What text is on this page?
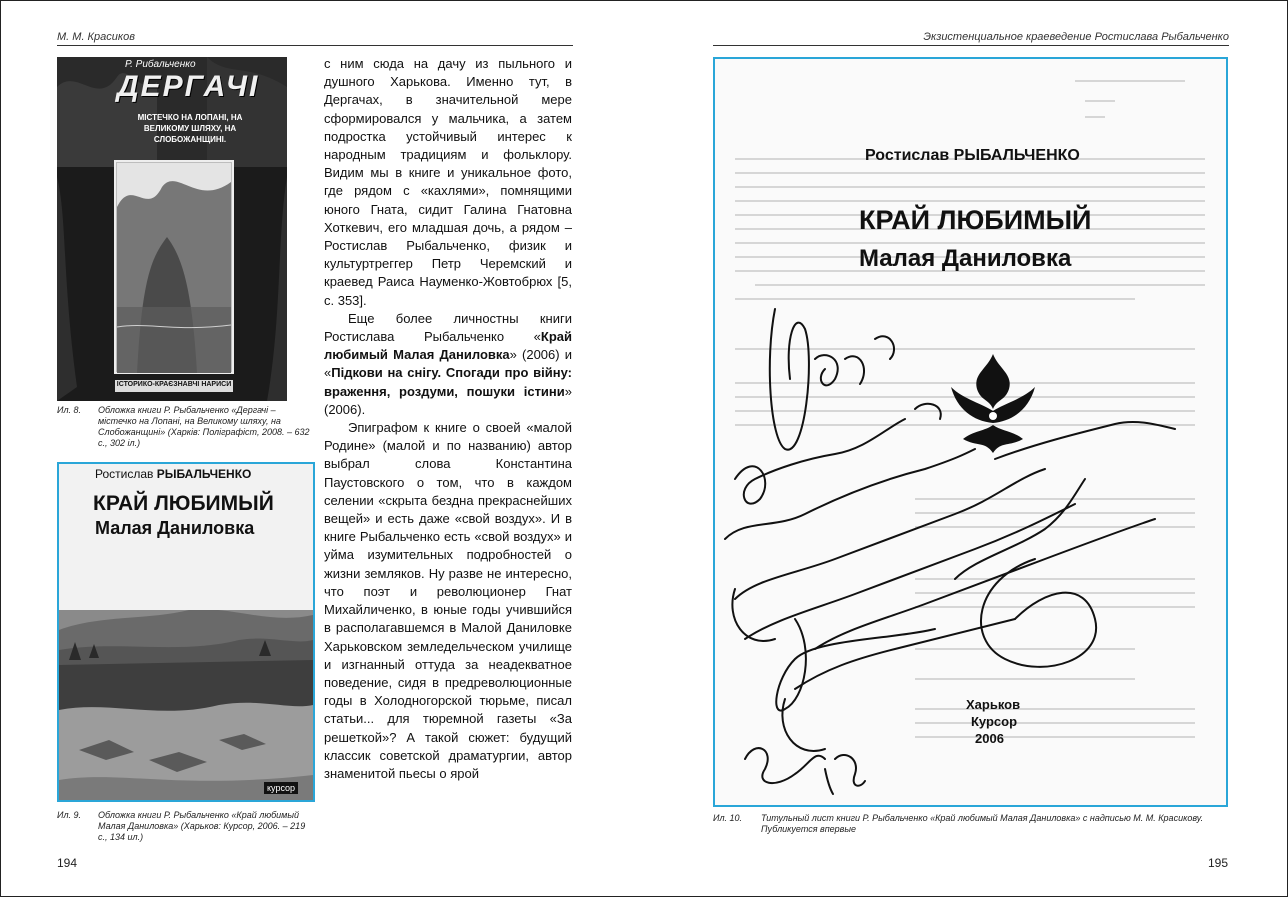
М. М. Красиков
Р. Рибальченко
ДЕРГАЧІ
МІСТЕЧКО НА ЛОПАНІ, НА ВЕЛИКОМУ ШЛЯХУ, НА СЛОБОЖАНЩИНІ.
ІСТОРИКО-КРАЄЗНАВЧІ НАРИСИ
Ил. 8. Обложка книги Р. Рыбальченко «Дергачі – містечко на Лопані, на Великому шляху, на Слобожанщині» (Харків: Поліграфіст, 2008. – 632 с., 302 іл.)
Ростислав РЫБАЛЬЧЕНКО
КРАЙ ЛЮБИМЫЙ
Малая Даниловка
курсор
Ил. 9. Обложка книги Р. Рыбальченко «Край любимый Малая Даниловка» (Харьков: Курсор, 2006. – 219 с., 134 ил.)

с ним сюда на дачу из пыльного и душного Харькова. Именно тут, в Дергачах, в значительной мере сформировался у мальчика, а затем подростка устойчивый интерес к народным традициям и фольклору. Видим мы в книге и уникальное фото, где рядом с «кахлями», помнящими юного Гната, сидит Галина Гнатовна Хоткевич, его младшая дочь, а рядом – Ростислав Рыбальченко, физик и культуртреггер Петр Черемский и краевед Раиса Науменко-Жовтобрюх [5, с. 353].

Еще более личностны книги Ростислава Рыбальченко «Край любимый Малая Даниловка» (2006) и «Підкови на снігу. Спогади про війну: враження, роздуми, пошуки істини» (2006).

Эпиграфом к книге о своей «малой Родине» (малой и по названию) автор выбрал слова Константина Паустовского о том, что в каждом селении «скрыта бездна прекраснейших вещей» и есть даже «свой воздух». И в книге Рыбальченко есть «свой воздух» и уйма изумительных подробностей о жизни земляков. Ну разве не интересно, что поэт и революционер Гнат Михайличенко, в юные годы учившийся в располагавшемся в Малой Даниловке Харьковском земледельческом училище и изгнанный оттуда за неадекватное поведение, сидя в предреволюционные годы в Холодногорской тюрьме, писал статьи... для тюремной газеты «За решеткой»? А такой сюжет: будущий классик советской драматургии, автор знаменитой пьесы о ярой

194
Экзистенциальное краеведение Ростислава Рыбальченко
195
Ростислав РЫБАЛЬЧЕНКО
КРАЙ ЛЮБИМЫЙ
Малая Даниловка
Харьков
Курсор
2006
Ил. 10. Титульный лист книги Р. Рыбальченко «Край любимый Малая Даниловка» с надписью М. М. Красикову. Публикуется впервые
